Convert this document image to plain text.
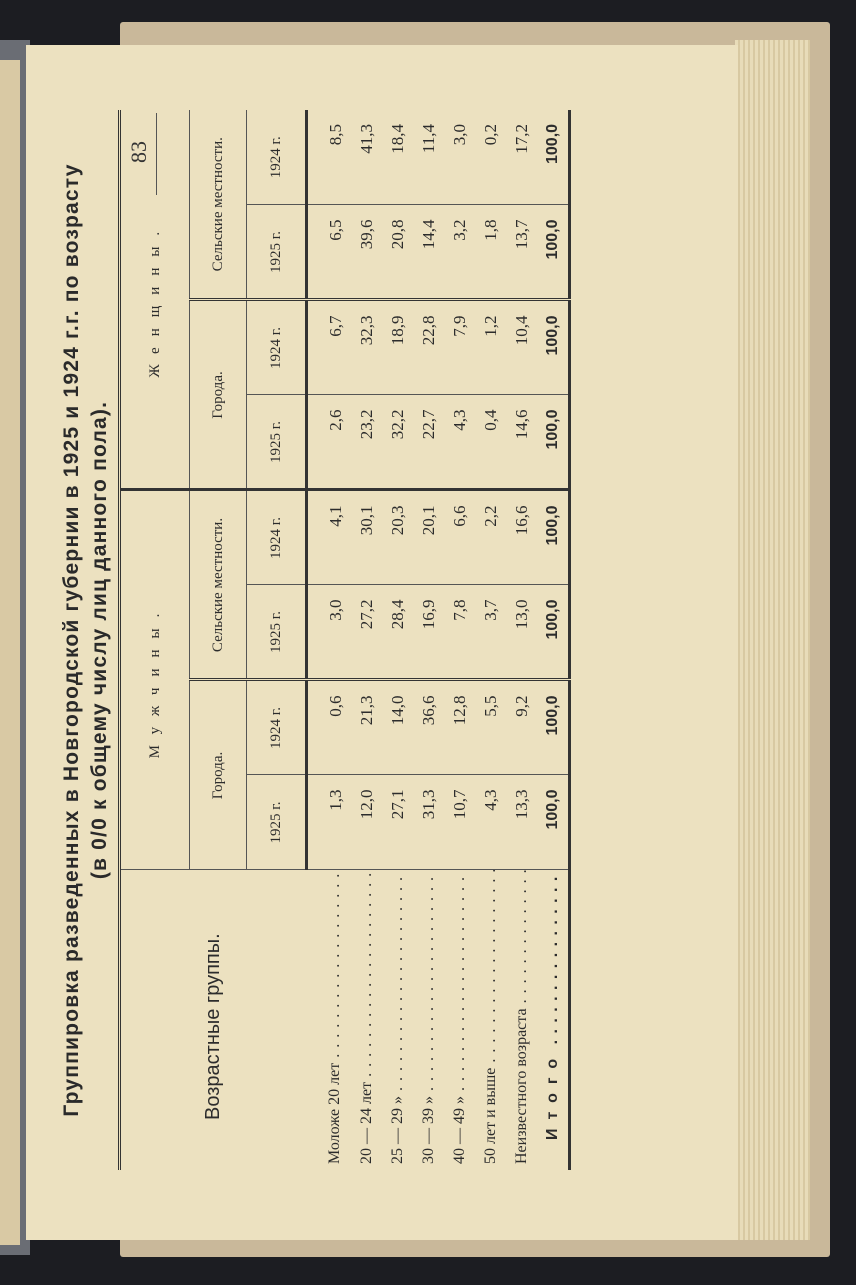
83
Группировка разведенных в Новгородской губернии в 1925 и 1924 г.г. по возрасту (в 0/0 к общему числу лиц данного пола).
Возрастные группы.	Мужчины.				Женщины.			
	Города.		Сельские местности.		Города.		Сельские местности.	
	1925 г.	1924 г.	1925 г.	1924 г.	1925 г.	1924 г.	1925 г.	1924 г.
Моложе 20 лет . . .	1,3	0,6	3,0	4,1	2,6	6,7	6,5	8,5
20 — 24 лет . . .	12,0	21,3	27,2	30,1	23,2	32,3	39,6	41,3
25 — 29 » . . .	27,1	14,0	28,4	20,3	32,2	18,9	20,8	18,4
30 — 39 » . . .	31,3	36,6	16,9	20,1	22,7	22,8	14,4	11,4
40 — 49 » . . .	10,7	12,8	7,8	6,6	4,3	7,9	3,2	3,0
50 лет и выше . . .	4,3	5,5	3,7	2,2	0,4	1,2	1,8	0,2
Неизвестного возраста . . .	13,3	9,2	13,0	16,6	14,6	10,4	13,7	17,2
Итого . . .	100,0	100,0	100,0	100,0	100,0	100,0	100,0	100,0
